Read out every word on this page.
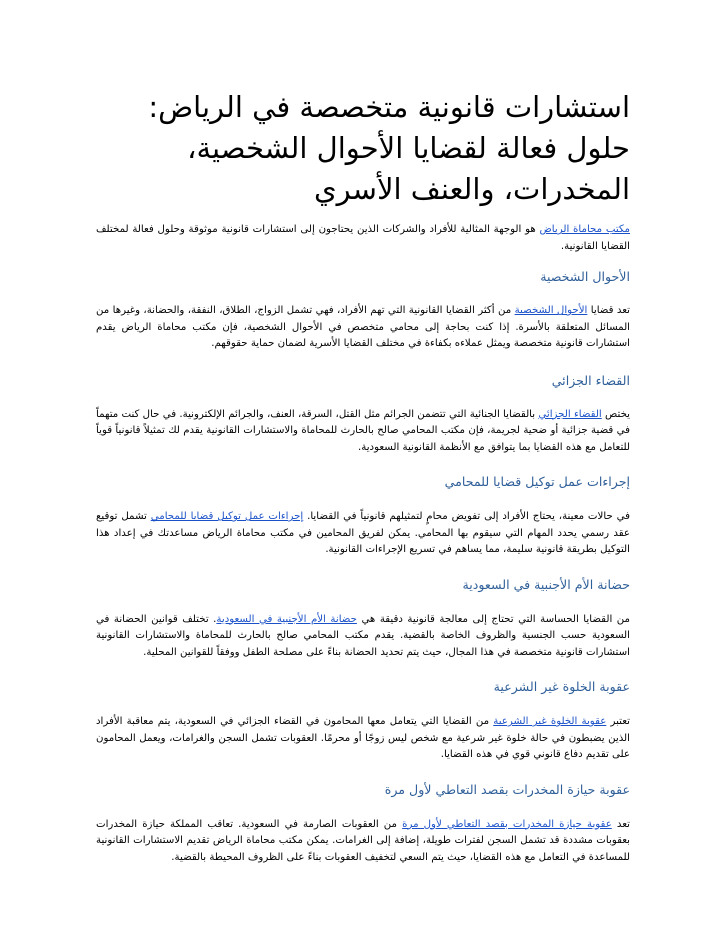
استشارات قانونية متخصصة في الرياض: حلول فعالة لقضايا الأحوال الشخصية، المخدرات، والعنف الأسري

مكتب محاماة الرياض هو الوجهة المثالية للأفراد والشركات الذين يحتاجون إلى استشارات قانونية موثوقة وحلول فعالة لمختلف القضايا القانونية.

الأحوال الشخصية

تعد قضايا الأحوال الشخصية من أكثر القضايا القانونية التي تهم الأفراد، فهي تشمل الزواج، الطلاق، النفقة، والحضانة، وغيرها من المسائل المتعلقة بالأسرة. إذا كنت بحاجة إلى محامي متخصص في الأحوال الشخصية، فإن مكتب محاماة الرياض يقدم استشارات قانونية متخصصة ويمثل عملاءه بكفاءة في مختلف القضايا الأسرية لضمان حماية حقوقهم.

القضاء الجزائي

يختص القضاء الجزائي بالقضايا الجنائية التي تتضمن الجرائم مثل القتل، السرقة، العنف، والجرائم الإلكترونية. في حال كنت متهماً في قضية جزائية أو ضحية لجريمة، فإن مكتب المحامي صالح بالحارث للمحاماة والاستشارات القانونية يقدم لك تمثيلاً قانونياً قوياً للتعامل مع هذه القضايا بما يتوافق مع الأنظمة القانونية السعودية.

إجراءات عمل توكيل قضايا للمحامي

في حالات معينة، يحتاج الأفراد إلى تفويض محامٍ لتمثيلهم قانونياً في القضايا. إجراءات عمل توكيل قضايا للمحامي تشمل توقيع عقد رسمي يحدد المهام التي سيقوم بها المحامي. يمكن لفريق المحامين في مكتب محاماة الرياض مساعدتك في إعداد هذا التوكيل بطريقة قانونية سليمة، مما يساهم في تسريع الإجراءات القانونية.

حضانة الأم الأجنبية في السعودية

من القضايا الحساسة التي تحتاج إلى معالجة قانونية دقيقة هي حضانة الأم الأجنبية في السعودية. تختلف قوانين الحضانة في السعودية حسب الجنسية والظروف الخاصة بالقضية. يقدم مكتب المحامي صالح بالحارث للمحاماة والاستشارات القانونية استشارات قانونية متخصصة في هذا المجال، حيث يتم تحديد الحضانة بناءً على مصلحة الطفل ووفقاً للقوانين المحلية.

عقوبة الخلوة غير الشرعية

تعتبر عقوبة الخلوة غير الشرعية من القضايا التي يتعامل معها المحامون في القضاء الجزائي في السعودية، يتم معاقبة الأفراد الذين يضبطون في حالة خلوة غير شرعية مع شخص ليس زوجًا أو محرمًا. العقوبات تشمل السجن والغرامات، ويعمل المحامون على تقديم دفاع قانوني قوي في هذه القضايا.

عقوبة حيازة المخدرات بقصد التعاطي لأول مرة

تعد عقوبة حيازة المخدرات بقصد التعاطي لأول مرة من العقوبات الصارمة في السعودية. تعاقب المملكة حيازة المخدرات بعقوبات مشددة قد تشمل السجن لفترات طويلة، إضافة إلى الغرامات. يمكن مكتب محاماة الرياض تقديم الاستشارات القانونية للمساعدة في التعامل مع هذه القضايا، حيث يتم السعي لتخفيف العقوبات بناءً على الظروف المحيطة بالقضية.
